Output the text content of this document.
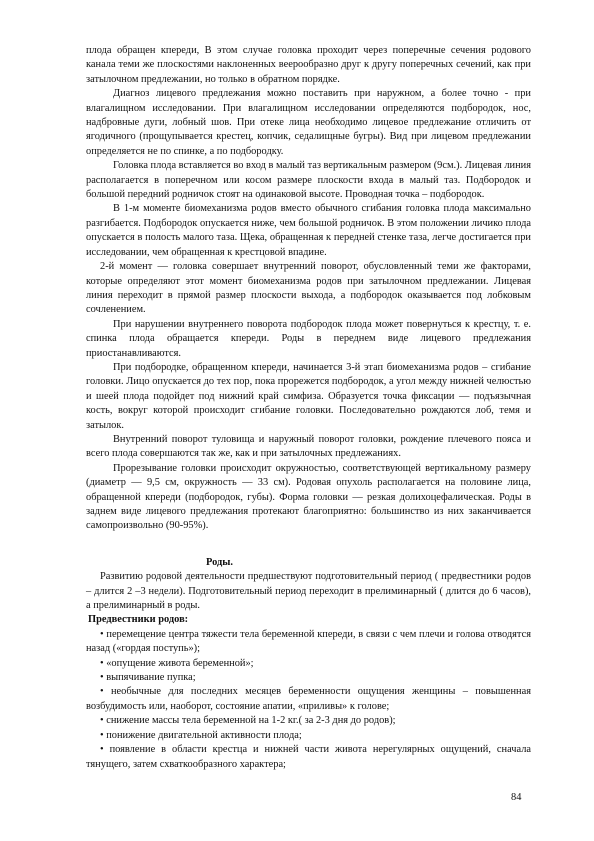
плода обращен кпереди, В этом случае головка проходит через поперечные сечения родового канала теми же плоскостями наклоненных веерообразно друг к другу поперечных сечений, как при затылочном предлежании, но только в обратном порядке.

Диагноз лицевого предлежания можно поставить при наружном, а более точно - при влагалищном исследовании. При влагалищном исследовании определяются подбородок, нос, надбровные дуги, лобный шов. При отеке лица необходимо лицевое предлежание отличить от ягодичного (прощупывается крестец, копчик, седалищные бугры). Вид при лицевом предлежании определяется не по спинке, а по подбородку.

Головка плода вставляется во вход в малый таз вертикальным размером (9см.). Лицевая линия располагается в поперечном или косом размере плоскости входа в малый таз. Подбородок и большой передний родничок стоят на одинаковой высоте. Проводная точка – подбородок.

В 1-м моменте биомеханизма родов вместо обычного сгибания головка плода максимально разгибается. Подбородок опускается ниже, чем большой родничок. В этом положении личико плода опускается в полость малого таза. Щека, обращенная к передней стенке таза, легче достигается при исследовании, чем обращенная к крестцовой впадине.

2-й момент — головка совершает внутренний поворот, обусловленный теми же факторами, которые определяют этот момент биомеханизма родов при затылочном предлежании. Лицевая линия переходит в прямой размер плоскости выхода, а подбородок оказывается под лобковым сочленением.

При нарушении внутреннего поворота подбородок плода может повернуться к крестцу, т. е. спинка плода обращается кпереди. Роды в переднем виде лицевого предлежания приостанавливаются.

При подбородке, обращенном кпереди, начинается 3-й этап биомеханизма родов – сгибание головки. Лицо опускается до тех пор, пока прорежется подбородок, а угол между нижней челюстью и шеей плода подойдет под нижний край симфиза. Образуется точка фиксации — подъязычная кость, вокруг которой происходит сгибание головки. Последовательно рождаются лоб, темя и затылок.

Внутренний поворот туловища и наружный поворот головки, рождение плечевого пояса и всего плода совершаются так же, как и при затылочных предлежаниях.

Прорезывание головки происходит окружностью, соответствующей вертикальному размеру (диаметр — 9,5 см, окружность — 33 см). Родовая опухоль располагается на половине лица, обращенной кпереди (подбородок, губы). Форма головки — резкая долихоцефалическая. Роды в заднем виде лицевого предлежания протекают благоприятно: большинство из них заканчивается самопроизвольно (90-95%).

Роды.

Развитию родовой деятельности предшествуют подготовительный период ( предвестники родов – длится 2 –3 недели). Подготовительный период переходит в прелиминарный ( длится до 6 часов), а прелиминарный в роды.

Предвестники родов:

• перемещение центра тяжести тела беременной кпереди, в связи с чем плечи и голова отводятся назад («гордая поступь»);

• «опущение живота беременной»;

• выпячивание пупка;

• необычные для последних месяцев беременности ощущения женщины – повышенная возбудимость или, наоборот, состояние апатии, «приливы» к голове;

• снижение массы тела беременной на 1-2 кг.( за 2-3 дня до родов);

• понижение двигательной активности плода;

• появление в области крестца и нижней части живота нерегулярных ощущений, сначала тянущего, затем схваткообразного характера;

84
